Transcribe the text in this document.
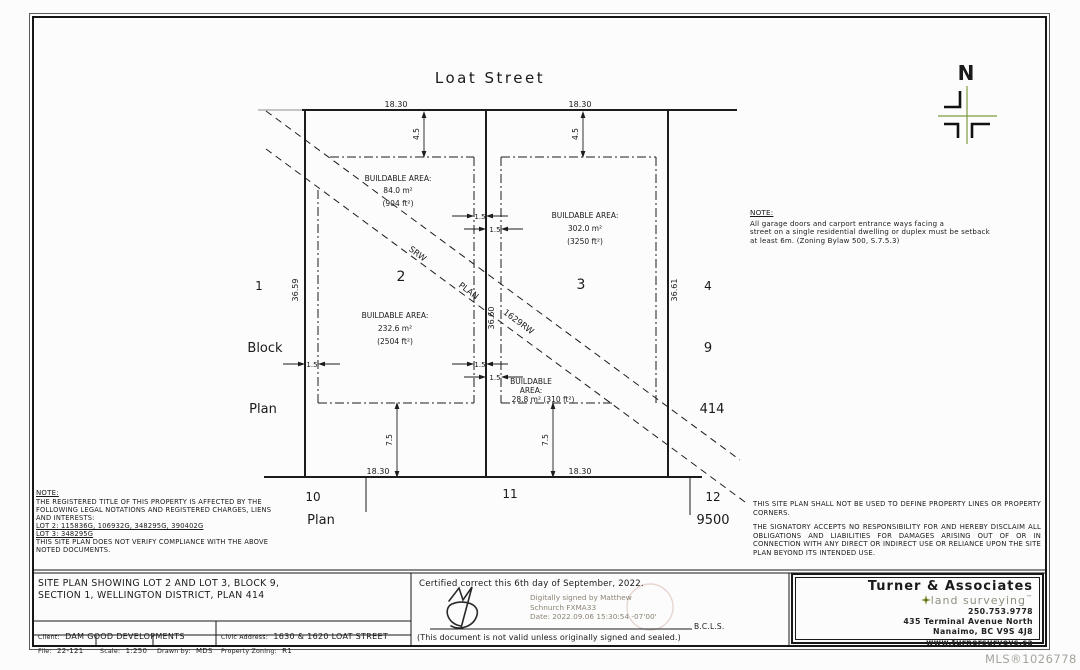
N
Loat Street
1
2	3	4
Block	9
Plan	414
10	11	12
Plan	9500
18.30	18.30
18.30	18.30
36.59
36.60
36.61
4.5	4.5
7.5	7.5
1.5
1.5
1.5	1.5
1.5
SRW
PLAN
1629RW
BUILDABLE AREA:
84.0 m²
(904 ft²)
BUILDABLE AREA:
302.0 m²
(3250 ft²)
BUILDABLE AREA:
232.6 m²
(2504 ft²)
BUILDABLE
AREA:
28.8 m² (310 ft²)
NOTE:
THE REGISTERED TITLE OF THIS PROPERTY IS AFFECTED BY THE
FOLLOWING LEGAL NOTATIONS AND REGISTERED CHARGES, LIENS
AND INTERESTS:
LOT 2: 115836G, 106932G, 348295G, 390402G
LOT 3: 348295G
THIS SITE PLAN DOES NOT VERIFY COMPLIANCE WITH THE ABOVE
NOTED DOCUMENTS.
NOTE:
All garage doors and carport entrance ways facing a
street on a single residential dwelling or duplex must be setback
at least 6m. (Zoning Bylaw 500, S.7.5.3)

THIS SITE PLAN SHALL NOT BE USED TO DEFINE PROPERTY LINES OR PROPERTY CORNERS.

THE SIGNATORY ACCEPTS NO RESPONSIBILITY FOR AND HEREBY DISCLAIM ALL OBLIGATIONS AND LIABILITIES FOR DAMAGES ARISING OUT OF OR IN CONNECTION WITH ANY DIRECT OR INDIRECT USE OR RELIANCE UPON THE SITE PLAN BEYOND ITS INTENDED USE.

SITE PLAN SHOWING LOT 2 AND LOT 3, BLOCK 9,
SECTION 1, WELLINGTON DISTRICT, PLAN 414
Client: DAM GOOD DEVELOPMENTS	Civic Address: 1630 & 1620 LOAT STREET
File: 22-121	Scale: 1:250 Drawn by: MDS Property Zoning: R1
Certified correct this 6th day of September, 2022.
Digitally signed by Matthew
Schnurch FXMA33
Date: 2022.09.06 15:30:54 -07'00'
B.C.L.S.
(This document is not valid unless originally signed and sealed.)
Turner & Associates
land surveying™
250.753.9778
435 Terminal Avenue North
Nanaimo, BC V9S 4J8
www.turnersurveys.ca
MLS®1026778
